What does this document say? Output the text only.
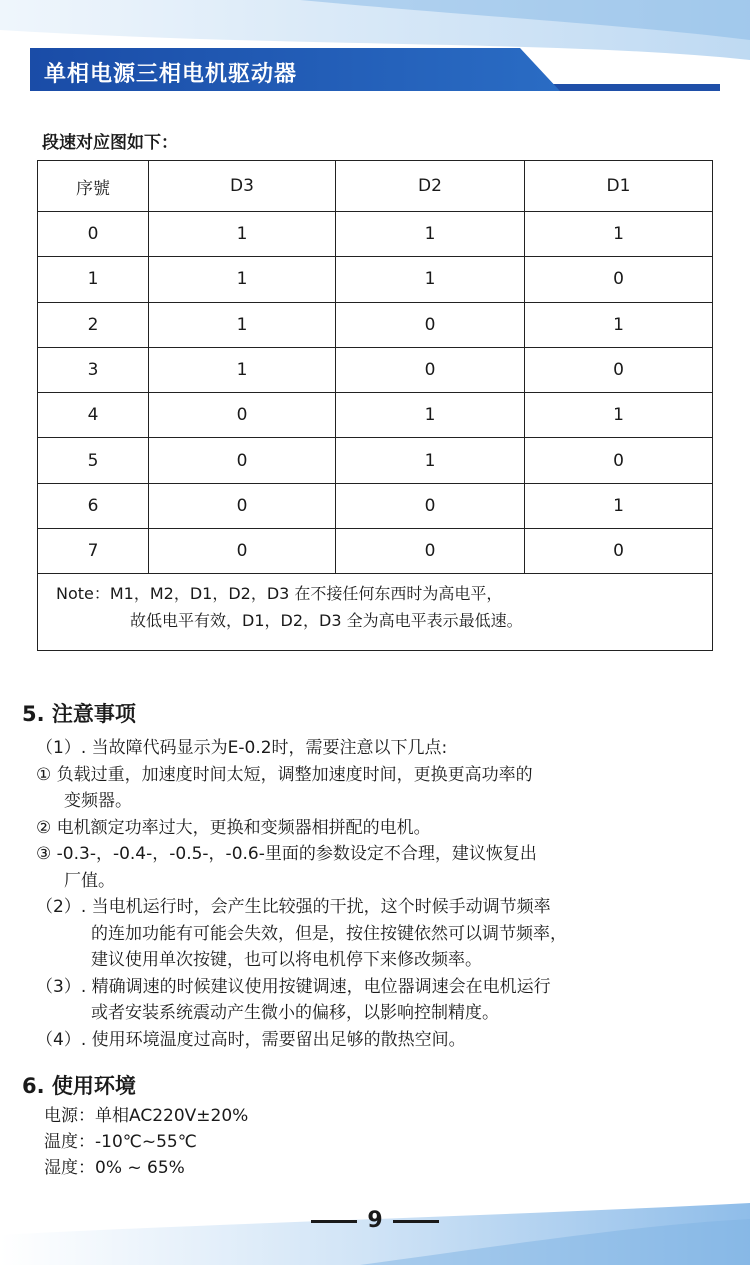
单相电源三相电机驱动器
段速对应图如下：
序號	D3	D2	D1
0	1	1	1
1	1	1	0
2	1	0	1
3	1	0	0
4	0	1	1
5	0	1	0
6	0	0	1
7	0	0	0
Note：M1，M2，D1，D2，D3 在不接任何东西时为高电平，
故低电平有效，D1，D2，D3 全为高电平表示最低速。			
5. 注意事项

（1）. 当故障代码显示为E-0.2时，需要注意以下几点:

① 负载过重，加速度时间太短，调整加速度时间，更换更高功率的

变频器。

② 电机额定功率过大，更换和变频器相拼配的电机。

③ -0.3-，-0.4-，-0.5-，-0.6-里面的参数设定不合理，建议恢复出

厂值。

（2）. 当电机运行时，会产生比较强的干扰，这个时候手动调节频率

的连加功能有可能会失效，但是，按住按键依然可以调节频率，

建议使用单次按键，也可以将电机停下来修改频率。

（3）. 精确调速的时候建议使用按键调速，电位器调速会在电机运行

或者安装系统震动产生微小的偏移，以影响控制精度。

（4）. 使用环境温度过高时，需要留出足够的散热空间。

6. 使用环境

电源：单相AC220V±20%

温度：-10℃~55℃

湿度：0% ~ 65%

9
